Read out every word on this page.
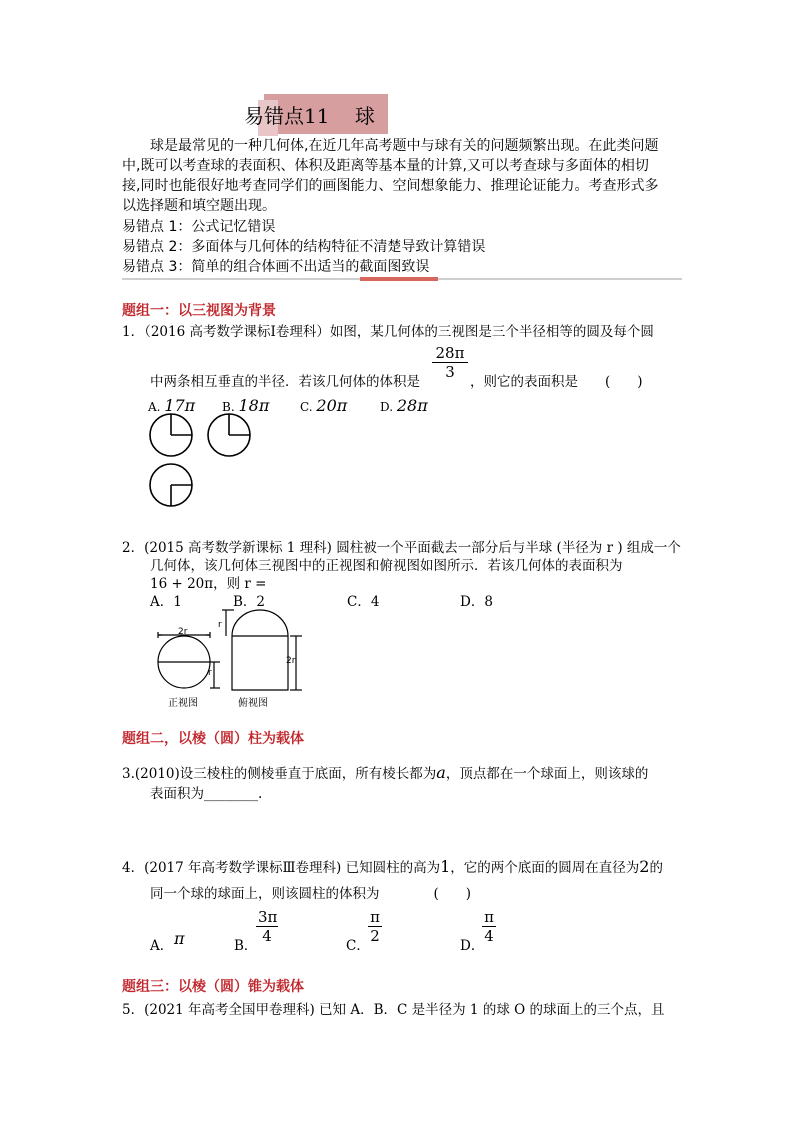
易错点11    球

球是最常见的一种几何体,在近几年高考题中与球有关的问题频繁出现。在此类问题中,既可以考查球的表面积、体积及距离等基本量的计算,又可以考查球与多面体的相切接,同时也能很好地考查同学们的画图能力、空间想象能力、推理论证能力。考查形式多以选择题和填空题出现。

易错点 1：公式记忆错误
易错点 2：多面体与几何体的结构特征不清楚导致计算错误
易错点 3：简单的组合体画不出适当的截面图致误
题组一：以三视图为背景
1．（2016 高考数学课标Ⅰ卷理科）如图，某几何体的三视图是三个半径相等的圆及每个圆
中两条相互垂直的半径．若该几何体的体积是
$\frac{28\pi}{3}$
，则它的表面积是　　(　　)
A. 17π B. 18π	C. 20π	D. 28π
2．(2015 高考数学新课标 1 理科) 圆柱被一个平面截去一部分后与半球 (半径为 r ) 组成一个
几何体，该几何体三视图中的正视图和俯视图如图所示．若该几何体的表面积为
16 + 20π，则 r =
A．1	B．2	C．4	D．8
2r
r
r
2r
正视图	俯视图
题组二，以棱（圆）柱为载体
3.(2010)设三棱柱的侧棱垂直于底面，所有棱长都为a，顶点都在一个球面上，则该球的
表面积为________.
4．(2017 年高考数学课标Ⅲ卷理科) 已知圆柱的高为1，它的两个底面的圆周在直径为2的
同一个球的球面上，则该圆柱的体积为　　　　(　　)
A． π	B．
$\frac{3\pi}{4}$
C．
$\frac{\pi}{2}$
D．
$\frac{\pi}{4}$
题组三：以棱（圆）锥为载体
5．(2021 年高考全国甲卷理科) 已知 A．B．C 是半径为 1 的球 O 的球面上的三个点，且
